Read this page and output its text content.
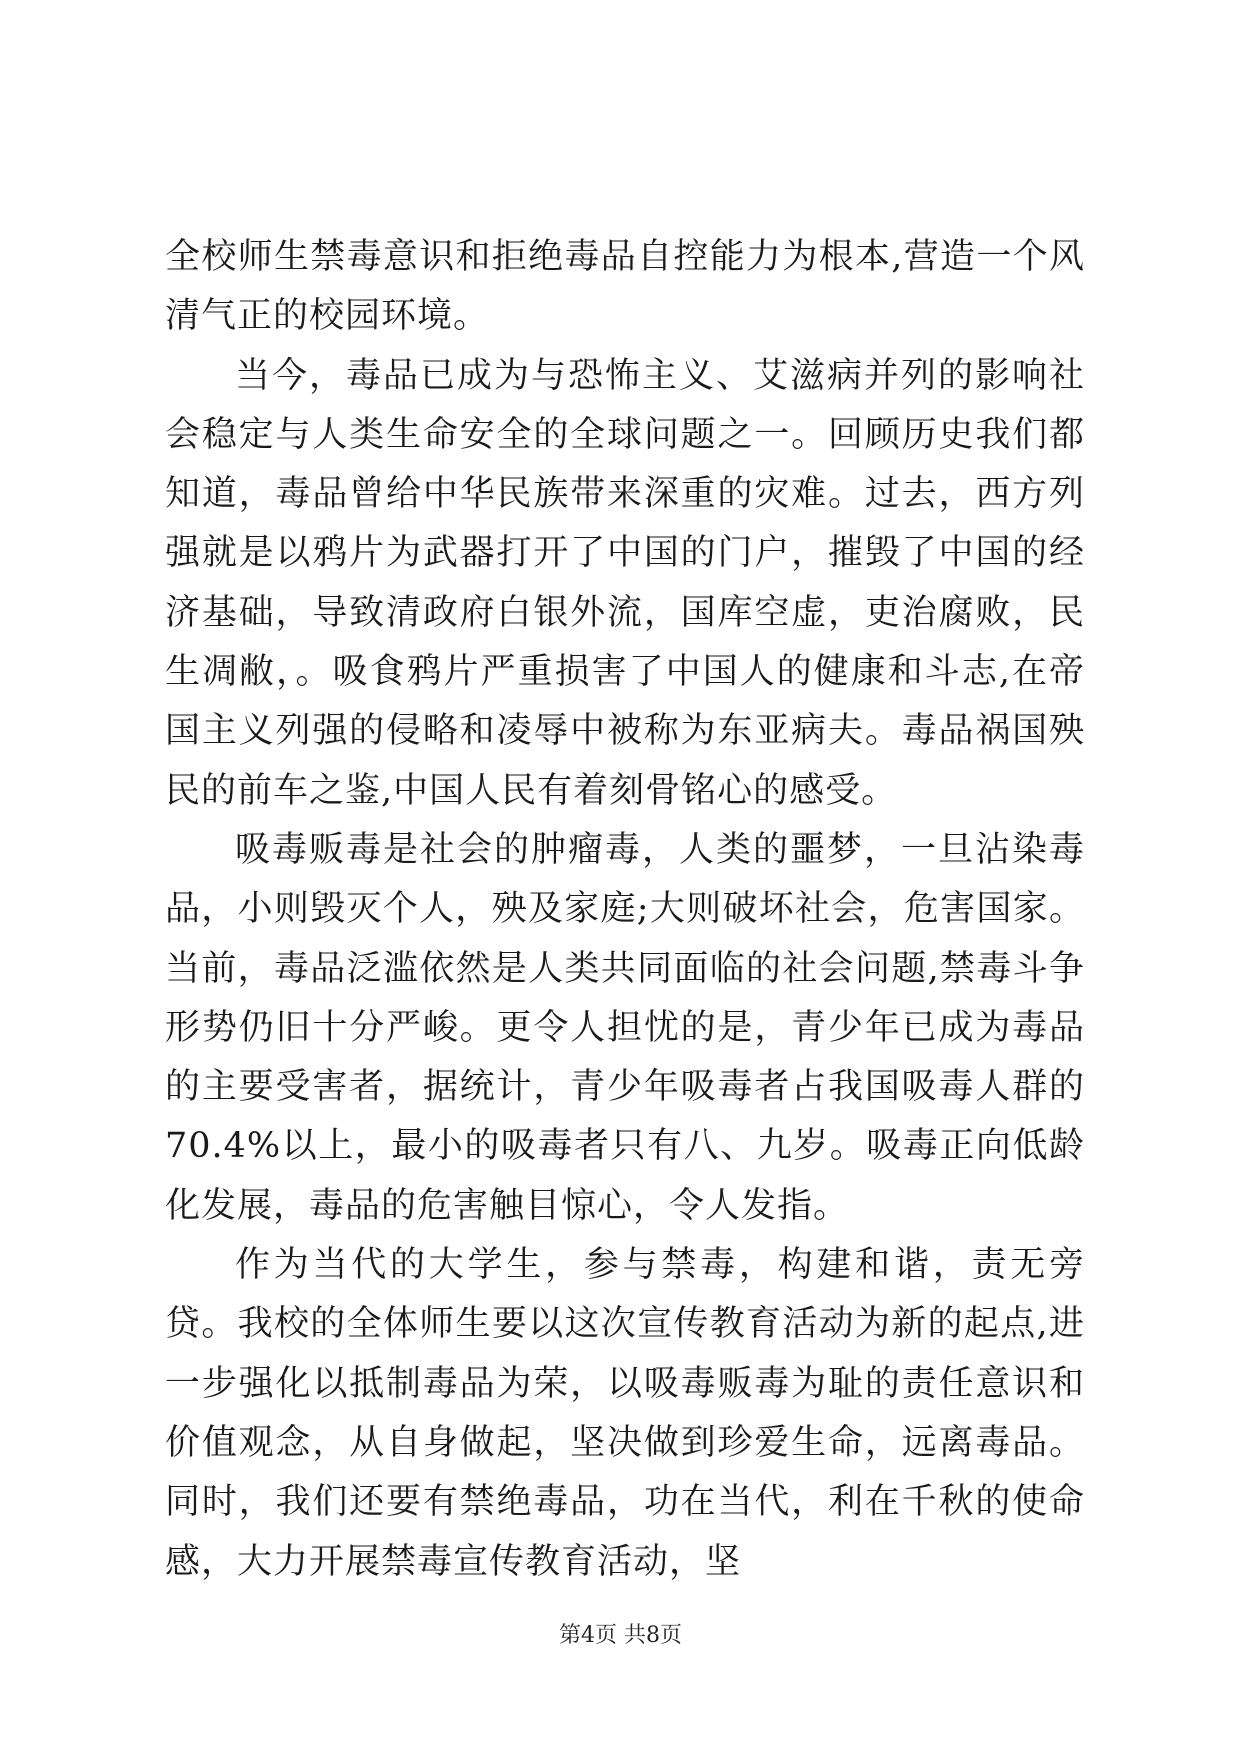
全校师生禁毒意识和拒绝毒品自控能力为根本,营造一个风清气正的校园环境。

当今，毒品已成为与恐怖主义、艾滋病并列的影响社会稳定与人类生命安全的全球问题之一。回顾历史我们都知道，毒品曾给中华民族带来深重的灾难。过去，西方列强就是以鸦片为武器打开了中国的门户，摧毁了中国的经济基础，导致清政府白银外流，国库空虚，吏治腐败，民生凋敝，。吸食鸦片严重损害了中国人的健康和斗志,在帝国主义列强的侵略和凌辱中被称为东亚病夫。毒品祸国殃民的前车之鉴,中国人民有着刻骨铭心的感受。

吸毒贩毒是社会的肿瘤毒，人类的噩梦，一旦沾染毒品，小则毁灭个人，殃及家庭;大则破坏社会，危害国家。当前，毒品泛滥依然是人类共同面临的社会问题,禁毒斗争形势仍旧十分严峻。更令人担忧的是，青少年已成为毒品的主要受害者，据统计，青少年吸毒者占我国吸毒人群的70.4%以上，最小的吸毒者只有八、九岁。吸毒正向低龄化发展，毒品的危害触目惊心，令人发指。

作为当代的大学生，参与禁毒，构建和谐，责无旁贷。我校的全体师生要以这次宣传教育活动为新的起点,进一步强化以抵制毒品为荣，以吸毒贩毒为耻的责任意识和价值观念，从自身做起，坚决做到珍爱生命，远离毒品。同时，我们还要有禁绝毒品，功在当代，利在千秋的使命感，大力开展禁毒宣传教育活动，坚

第4页 共8页
